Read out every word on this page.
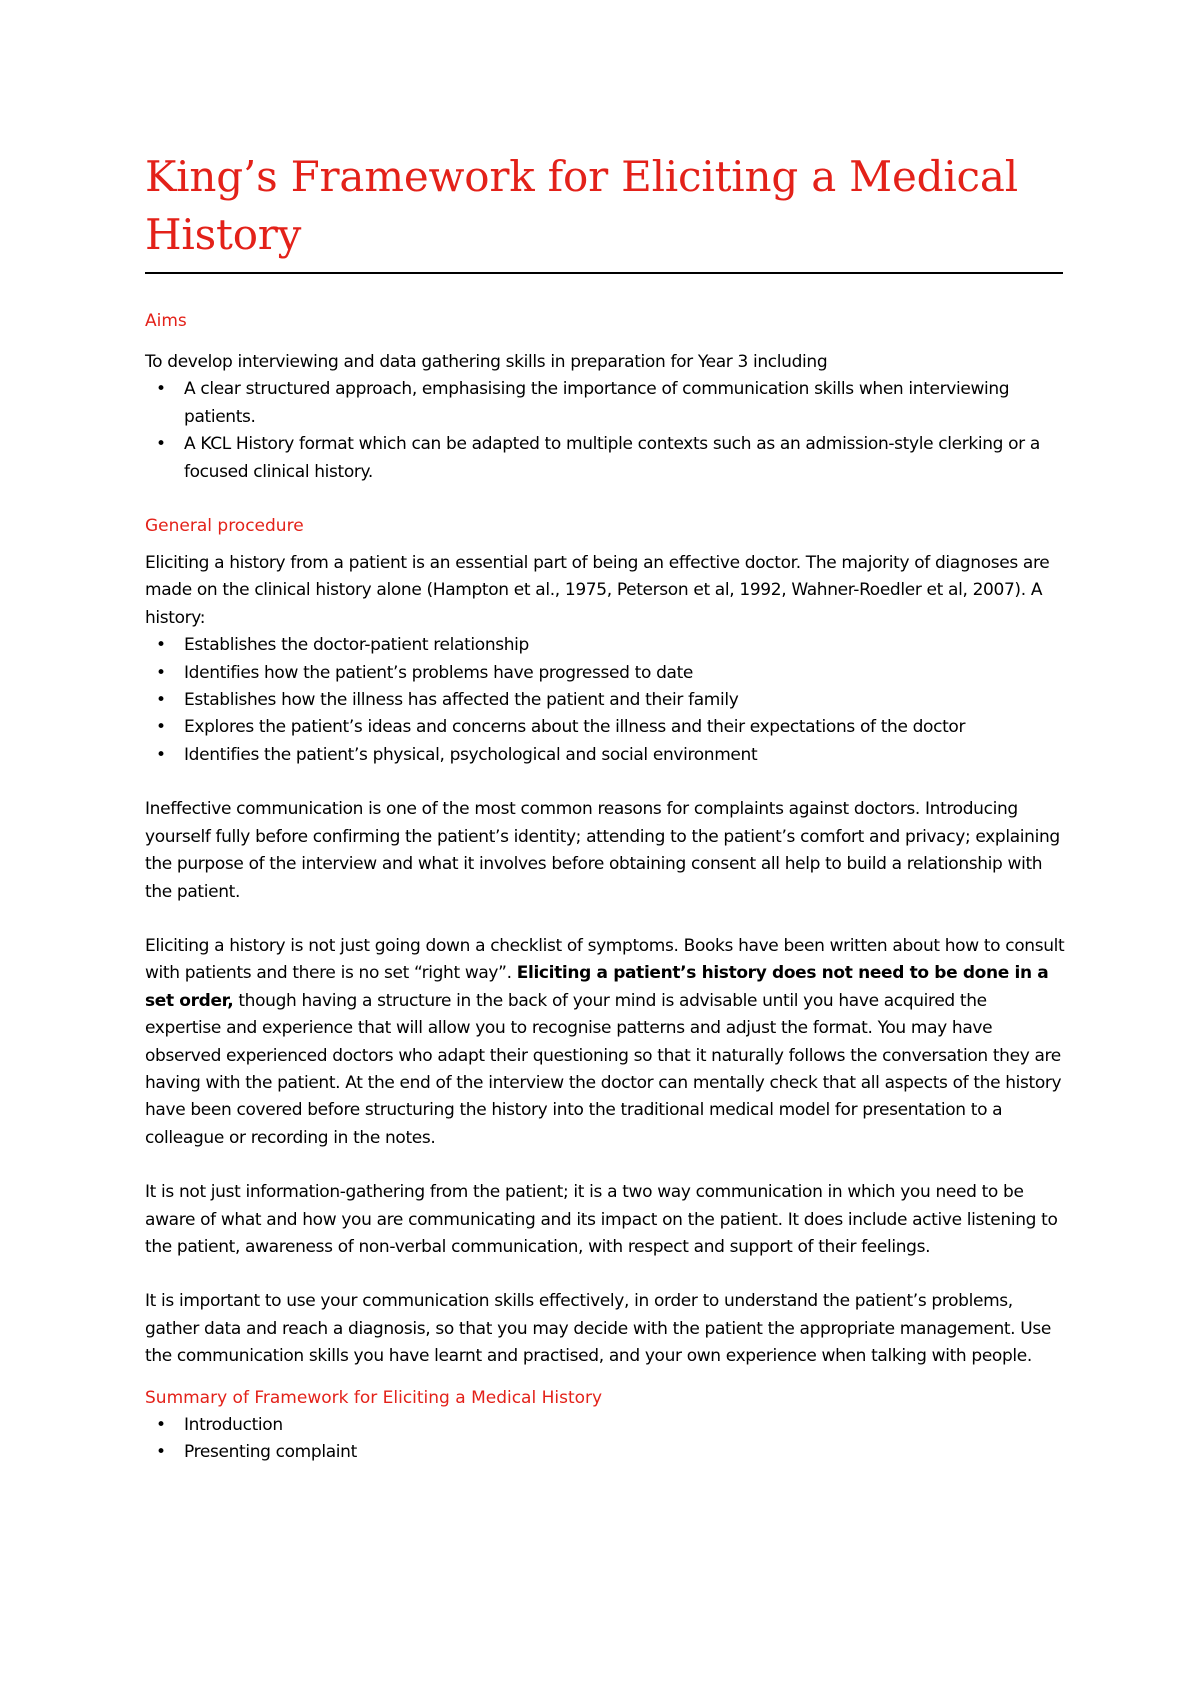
King’s Framework for Eliciting a Medical History
Aims

To develop interviewing and data gathering skills in preparation for Year 3 including

• A clear structured approach, emphasising the importance of communication skills when interviewing patients.
• A KCL History format which can be adapted to multiple contexts such as an admission-style clerking or a focused clinical history.
General procedure

Eliciting a history from a patient is an essential part of being an effective doctor. The majority of diagnoses are made on the clinical history alone (Hampton et al., 1975, Peterson et al, 1992, Wahner-Roedler et al, 2007). A history:

• Establishes the doctor-patient relationship
• Identifies how the patient’s problems have progressed to date
• Establishes how the illness has affected the patient and their family
• Explores the patient’s ideas and concerns about the illness and their expectations of the doctor
• Identifies the patient’s physical, psychological and social environment

Ineffective communication is one of the most common reasons for complaints against doctors. Introducing yourself fully before confirming the patient’s identity; attending to the patient’s comfort and privacy; explaining the purpose of the interview and what it involves before obtaining consent all help to build a relationship with the patient.

Eliciting a history is not just going down a checklist of symptoms. Books have been written about how to consult with patients and there is no set “right way”. Eliciting a patient’s history does not need to be done in a set order, though having a structure in the back of your mind is advisable until you have acquired the expertise and experience that will allow you to recognise patterns and adjust the format. You may have observed experienced doctors who adapt their questioning so that it naturally follows the conversation they are having with the patient. At the end of the interview the doctor can mentally check that all aspects of the history have been covered before structuring the history into the traditional medical model for presentation to a colleague or recording in the notes.

It is not just information-gathering from the patient; it is a two way communication in which you need to be aware of what and how you are communicating and its impact on the patient. It does include active listening to the patient, awareness of non-verbal communication, with respect and support of their feelings.

It is important to use your communication skills effectively, in order to understand the patient’s problems, gather data and reach a diagnosis, so that you may decide with the patient the appropriate management. Use the communication skills you have learnt and practised, and your own experience when talking with people.

Summary of Framework for Eliciting a Medical History
• Introduction
• Presenting complaint
